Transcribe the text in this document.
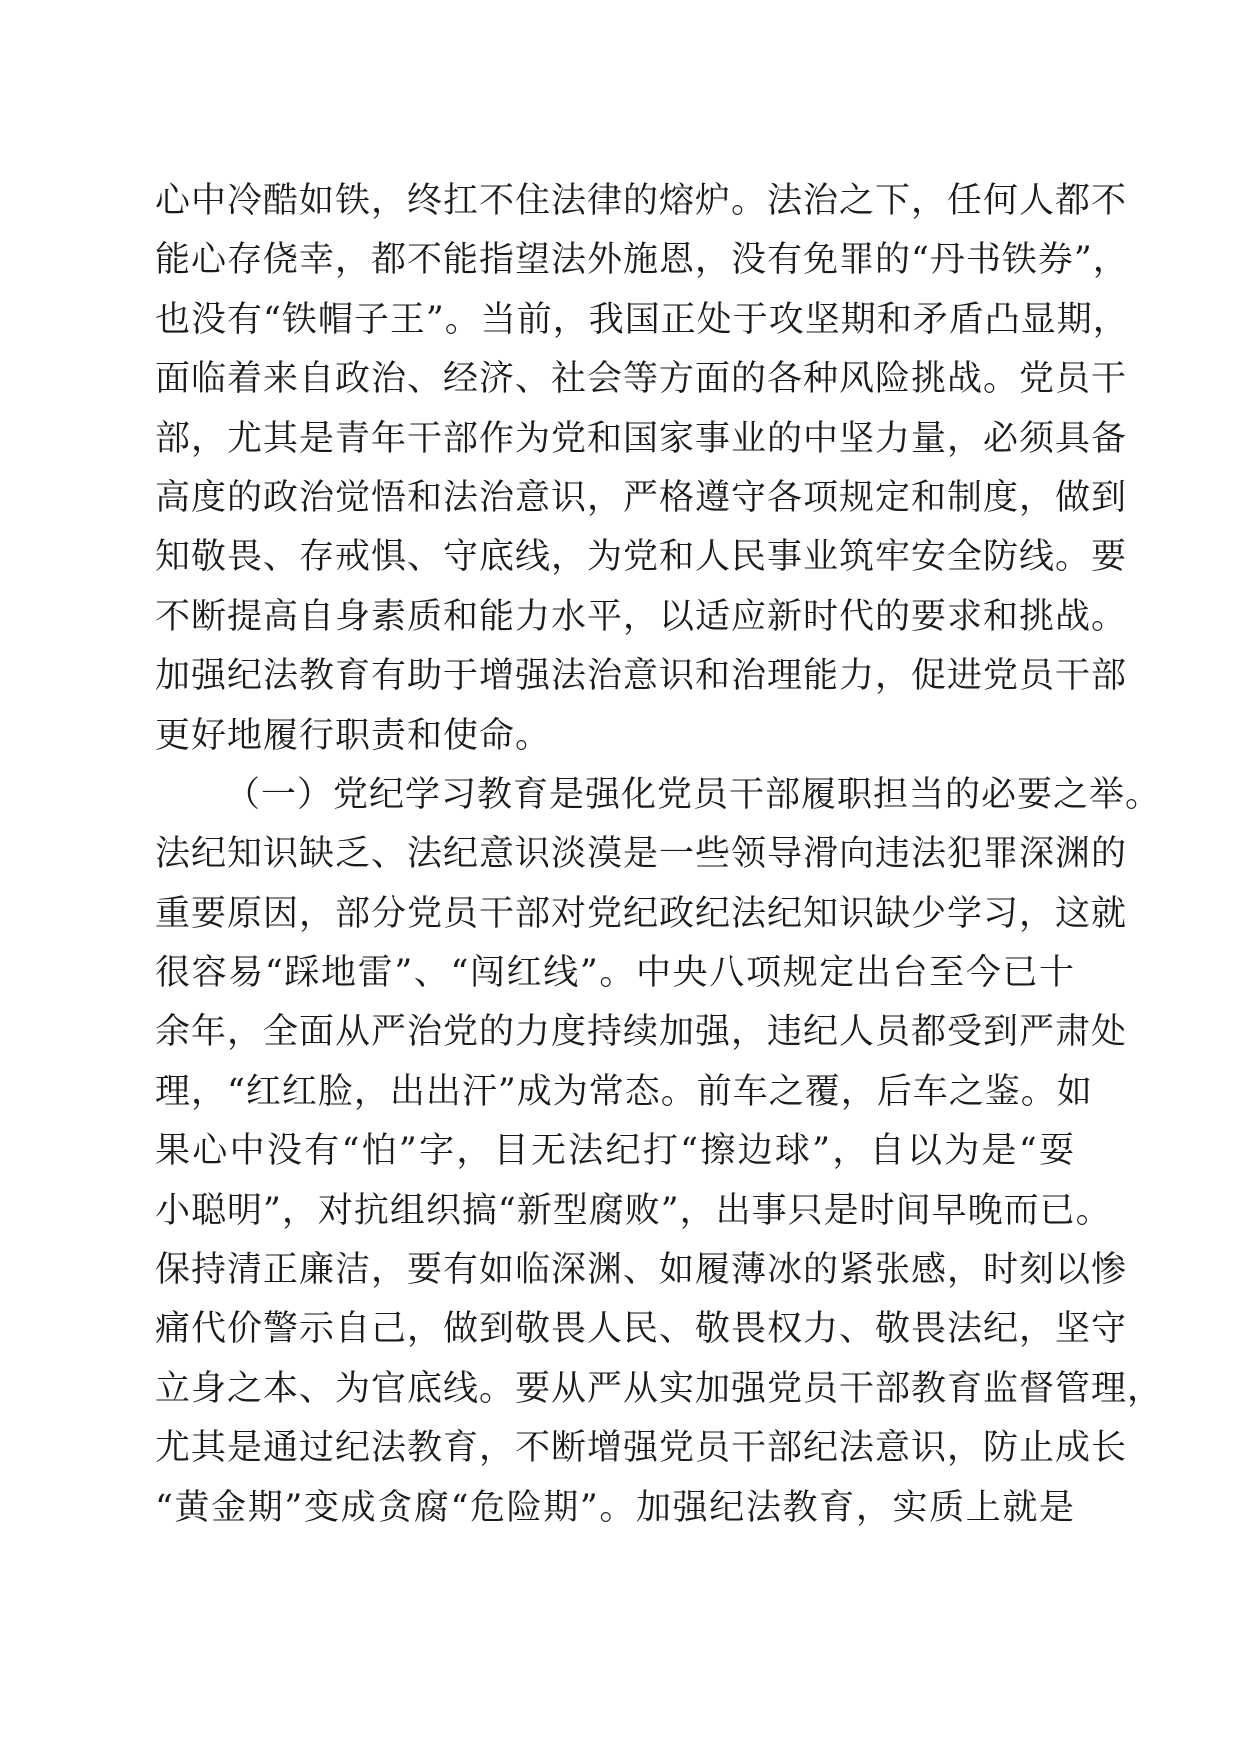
心中冷酷如铁，终扛不住法律的熔炉。法治之下，任何人都不
能心存侥幸，都不能指望法外施恩，没有免罪的“丹书铁券”，
也没有“铁帽子王”。当前，我国正处于攻坚期和矛盾凸显期，
面临着来自政治、经济、社会等方面的各种风险挑战。党员干
部，尤其是青年干部作为党和国家事业的中坚力量，必须具备
高度的政治觉悟和法治意识，严格遵守各项规定和制度，做到
知敬畏、存戒惧、守底线，为党和人民事业筑牢安全防线。要
不断提高自身素质和能力水平，以适应新时代的要求和挑战。
加强纪法教育有助于增强法治意识和治理能力，促进党员干部
更好地履行职责和使命。
（一）党纪学习教育是强化党员干部履职担当的必要之举。
法纪知识缺乏、法纪意识淡漠是一些领导滑向违法犯罪深渊的
重要原因，部分党员干部对党纪政纪法纪知识缺少学习，这就
很容易“踩地雷”、“闯红线”。中央八项规定出台至今已十
余年，全面从严治党的力度持续加强，违纪人员都受到严肃处
理，“红红脸，出出汗”成为常态。前车之覆，后车之鉴。如
果心中没有“怕”字，目无法纪打“擦边球”，自以为是“耍
小聪明”，对抗组织搞“新型腐败”，出事只是时间早晚而已。
保持清正廉洁，要有如临深渊、如履薄冰的紧张感，时刻以惨
痛代价警示自己，做到敬畏人民、敬畏权力、敬畏法纪，坚守
立身之本、为官底线。要从严从实加强党员干部教育监督管理，
尤其是通过纪法教育，不断增强党员干部纪法意识，防止成长
“黄金期”变成贪腐“危险期”。加强纪法教育，实质上就是
